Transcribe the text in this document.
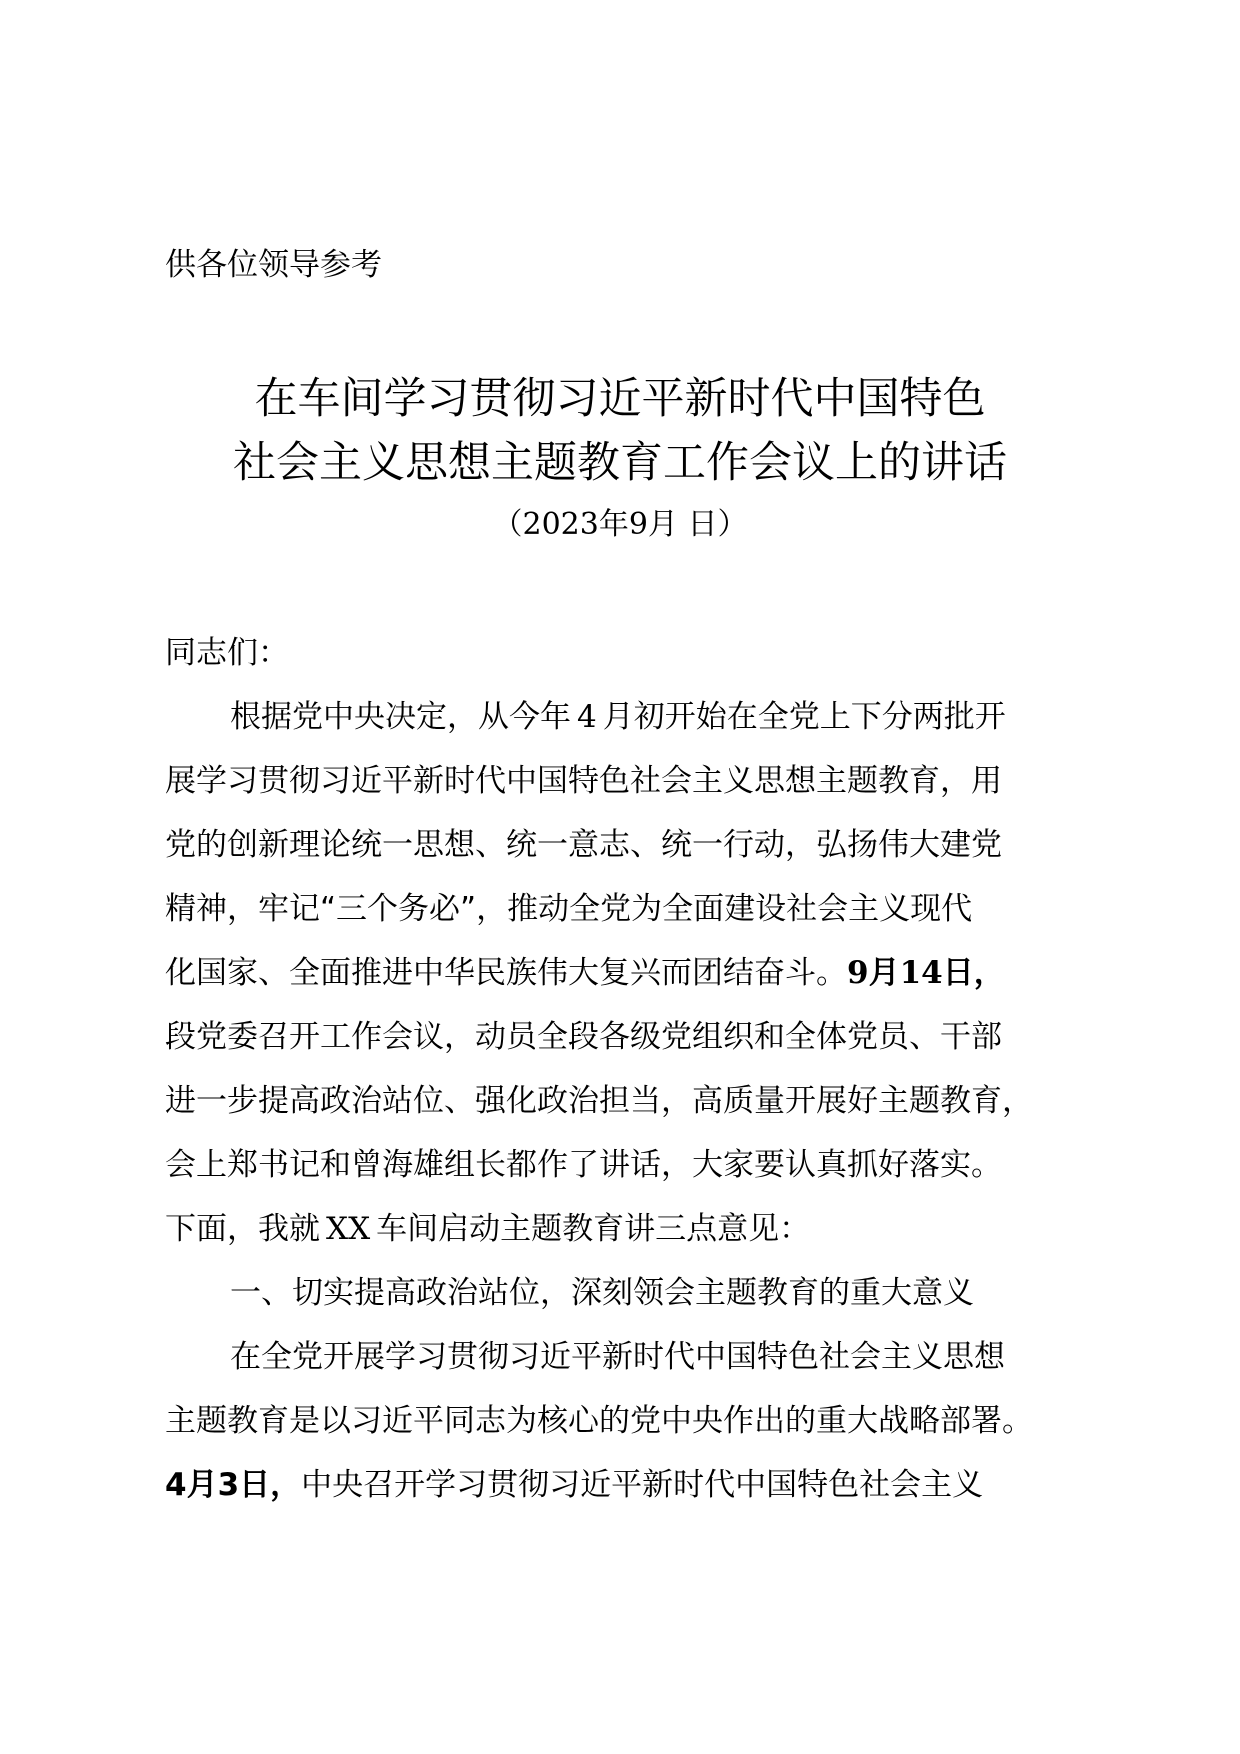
供各位领导参考
在车间学习贯彻习近平新时代中国特色
社会主义思想主题教育工作会议上的讲话
（2023年9月 日）
同志们：
根据党中央决定，从今年 4 月初开始在全党上下分两批开
展学习贯彻习近平新时代中国特色社会主义思想主题教育，用
党的创新理论统一思想、统一意志、统一行动，弘扬伟大建党
精神，牢记“三个务必”，推动全党为全面建设社会主义现代
化国家、全面推进中华民族伟大复兴而团结奋斗。9月14日，
段党委召开工作会议，动员全段各级党组织和全体党员、干部
进一步提高政治站位、强化政治担当，高质量开展好主题教育，
会上郑书记和曾海雄组长都作了讲话，大家要认真抓好落实。
下面，我就 XX 车间启动主题教育讲三点意见：
一、切实提高政治站位，深刻领会主题教育的重大意义
在全党开展学习贯彻习近平新时代中国特色社会主义思想
主题教育是以习近平同志为核心的党中央作出的重大战略部署。
4月3日，中央召开学习贯彻习近平新时代中国特色社会主义
